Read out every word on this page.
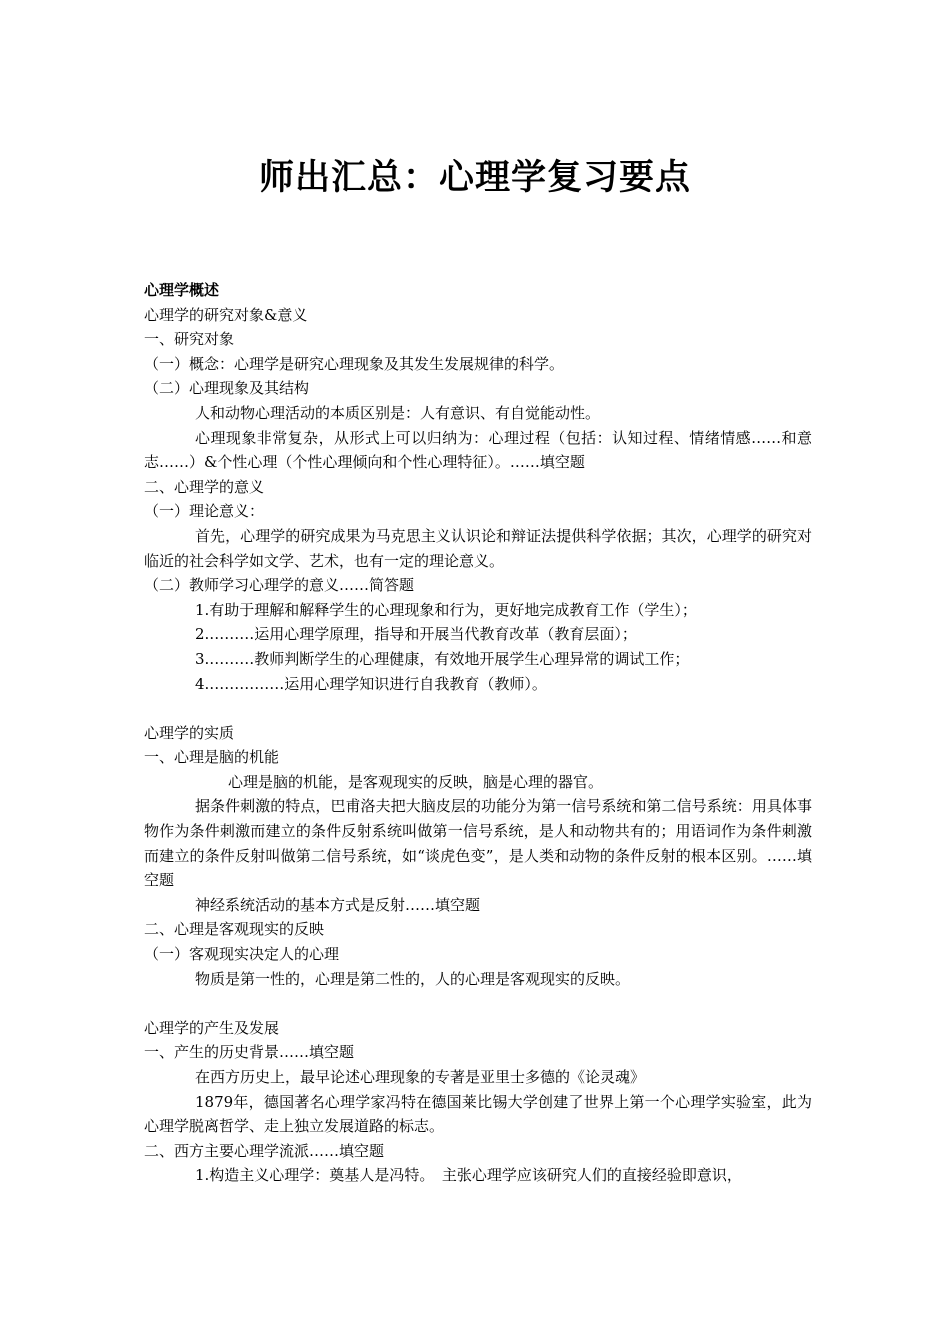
师出汇总：心理学复习要点

心理学概述

心理学的研究对象&意义

一、研究对象

（一）概念：心理学是研究心理现象及其发生发展规律的科学。

（二）心理现象及其结构

人和动物心理活动的本质区别是：人有意识、有自觉能动性。

心理现象非常复杂，从形式上可以归纳为：心理过程（包括：认知过程、情绪情感……和意志……）&个性心理（个性心理倾向和个性心理特征）。……填空题

二、心理学的意义

（一）理论意义：

首先，心理学的研究成果为马克思主义认识论和辩证法提供科学依据；其次，心理学的研究对临近的社会科学如文学、艺术，也有一定的理论意义。

（二）教师学习心理学的意义……简答题

1.有助于理解和解释学生的心理现象和行为，更好地完成教育工作（学生）；

2.………运用心理学原理，指导和开展当代教育改革（教育层面）；

3.………教师判断学生的心理健康，有效地开展学生心理异常的调试工作；

4.……………运用心理学知识进行自我教育（教师）。

心理学的实质

一、心理是脑的机能

心理是脑的机能，是客观现实的反映，脑是心理的器官。

据条件刺激的特点，巴甫洛夫把大脑皮层的功能分为第一信号系统和第二信号系统：用具体事物作为条件刺激而建立的条件反射系统叫做第一信号系统，是人和动物共有的；用语词作为条件刺激而建立的条件反射叫做第二信号系统，如“谈虎色变”，是人类和动物的条件反射的根本区别。……填空题

神经系统活动的基本方式是反射……填空题

二、心理是客观现实的反映

（一）客观现实决定人的心理

物质是第一性的，心理是第二性的，人的心理是客观现实的反映。

心理学的产生及发展

一、产生的历史背景……填空题

在西方历史上，最早论述心理现象的专著是亚里士多德的《论灵魂》

1879年，德国著名心理学家冯特在德国莱比锡大学创建了世界上第一个心理学实验室，此为心理学脱离哲学、走上独立发展道路的标志。

二、西方主要心理学流派……填空题

1.构造主义心理学：奠基人是冯特。　主张心理学应该研究人们的直接经验即意识，
